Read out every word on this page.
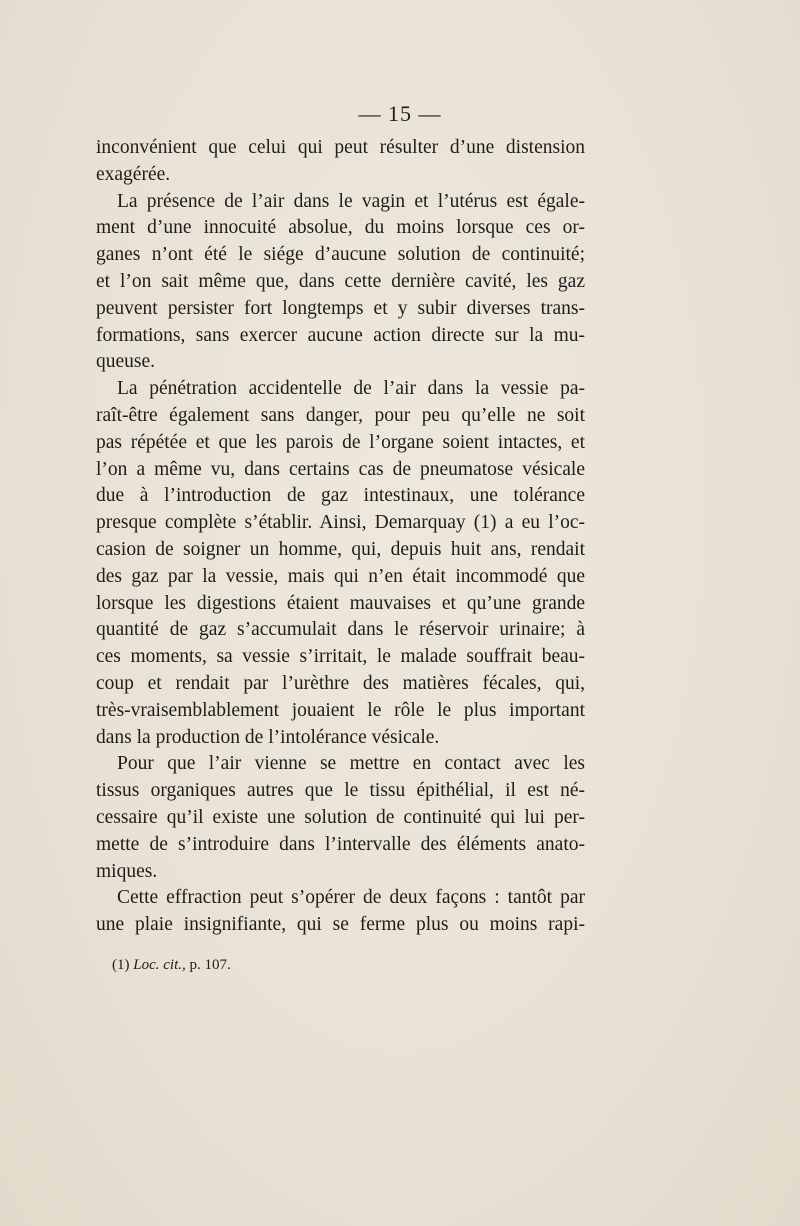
— 15 —
inconvénient que celui qui peut résulter d’une distension
exagérée.
La présence de l’air dans le vagin et l’utérus est égale-
ment d’une innocuité absolue, du moins lorsque ces or-
ganes n’ont été le siége d’aucune solution de continuité;
et l’on sait même que, dans cette dernière cavité, les gaz
peuvent persister fort longtemps et y subir diverses trans-
formations, sans exercer aucune action directe sur la mu-
queuse.
La pénétration accidentelle de l’air dans la vessie pa-
raît-être également sans danger, pour peu qu’elle ne soit
pas répétée et que les parois de l’organe soient intactes, et
l’on a même vu, dans certains cas de pneumatose vésicale
due à l’introduction de gaz intestinaux, une tolérance
presque complète s’établir. Ainsi, Demarquay (1) a eu l’oc-
casion de soigner un homme, qui, depuis huit ans, rendait
des gaz par la vessie, mais qui n’en était incommodé que
lorsque les digestions étaient mauvaises et qu’une grande
quantité de gaz s’accumulait dans le réservoir urinaire; à
ces moments, sa vessie s’irritait, le malade souffrait beau-
coup et rendait par l’urèthre des matières fécales, qui,
très-vraisemblablement jouaient le rôle le plus important
dans la production de l’intolérance vésicale.
Pour que l’air vienne se mettre en contact avec les
tissus organiques autres que le tissu épithélial, il est né-
cessaire qu’il existe une solution de continuité qui lui per-
mette de s’introduire dans l’intervalle des éléments anato-
miques.
Cette effraction peut s’opérer de deux façons : tantôt par
une plaie insignifiante, qui se ferme plus ou moins rapi-
(1) Loc. cit., p. 107.
